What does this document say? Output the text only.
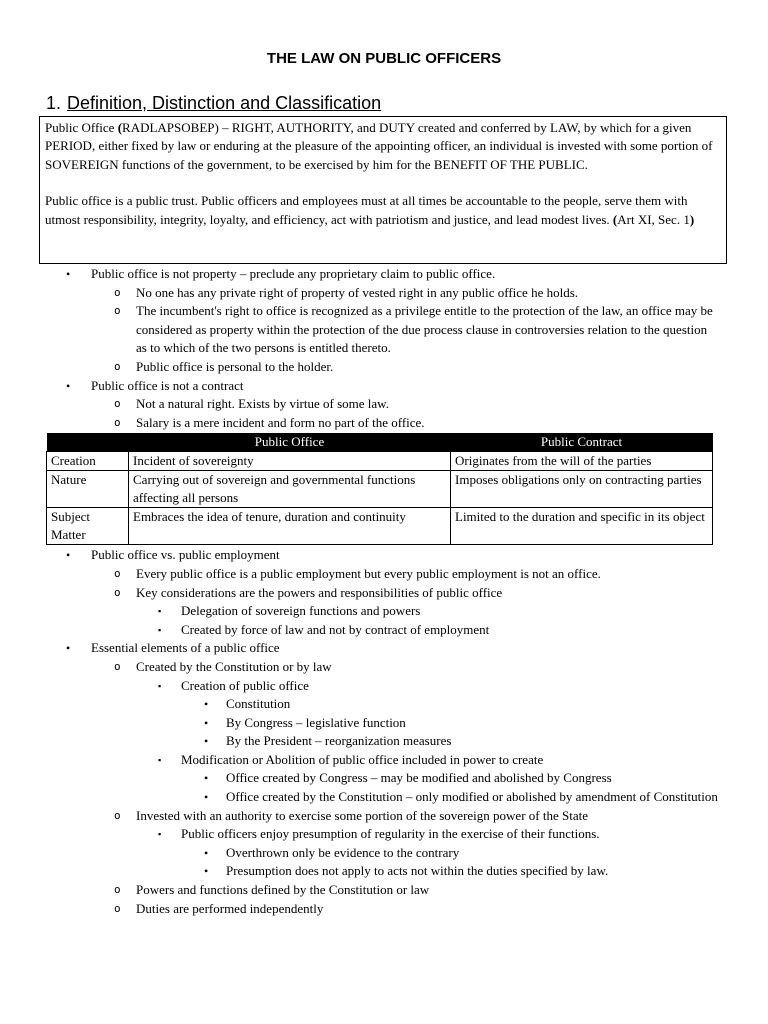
THE LAW ON PUBLIC OFFICERS
1. Definition, Distinction and Classification

Public Office (RADLAPSOBEP) – RIGHT, AUTHORITY, and DUTY created and conferred by LAW, by which for a given PERIOD, either fixed by law or enduring at the pleasure of the appointing officer, an individual is invested with some portion of SOVEREIGN functions of the government, to be exercised by him for the BENEFIT OF THE PUBLIC.

Public office is a public trust. Public officers and employees must at all times be accountable to the people, serve them with utmost responsibility, integrity, loyalty, and efficiency, act with patriotism and justice, and lead modest lives. (Art XI, Sec. 1)

• Public office is not property – preclude any proprietary claim to public office.
o No one has any private right of property of vested right in any public office he holds.
o The incumbent's right to office is recognized as a privilege entitle to the protection of the law, an office may be considered as property within the protection of the due process clause in controversies relation to the question as to which of the two persons is entitled thereto.
o Public office is personal to the holder.
• Public office is not a contract
o Not a natural right. Exists by virtue of some law.
o Salary is a mere incident and form no part of the office.
	Public Office	Public Contract
Creation	Incident of sovereignty	Originates from the will of the parties
Nature	Carrying out of sovereign and governmental functions affecting all persons	Imposes obligations only on contracting parties
Subject Matter	Embraces the idea of tenure, duration and continuity	Limited to the duration and specific in its object
• Public office vs. public employment
o Every public office is a public employment but every public employment is not an office.
o Key considerations are the powers and responsibilities of public office
▪ Delegation of sovereign functions and powers
▪ Created by force of law and not by contract of employment
• Essential elements of a public office
o Created by the Constitution or by law
▪ Creation of public office
• Constitution
• By Congress – legislative function
• By the President – reorganization measures
▪ Modification or Abolition of public office included in power to create
• Office created by Congress – may be modified and abolished by Congress
• Office created by the Constitution – only modified or abolished by amendment of Constitution
o Invested with an authority to exercise some portion of the sovereign power of the State
▪ Public officers enjoy presumption of regularity in the exercise of their functions.
• Overthrown only be evidence to the contrary
• Presumption does not apply to acts not within the duties specified by law.
o Powers and functions defined by the Constitution or law
o Duties are performed independently
